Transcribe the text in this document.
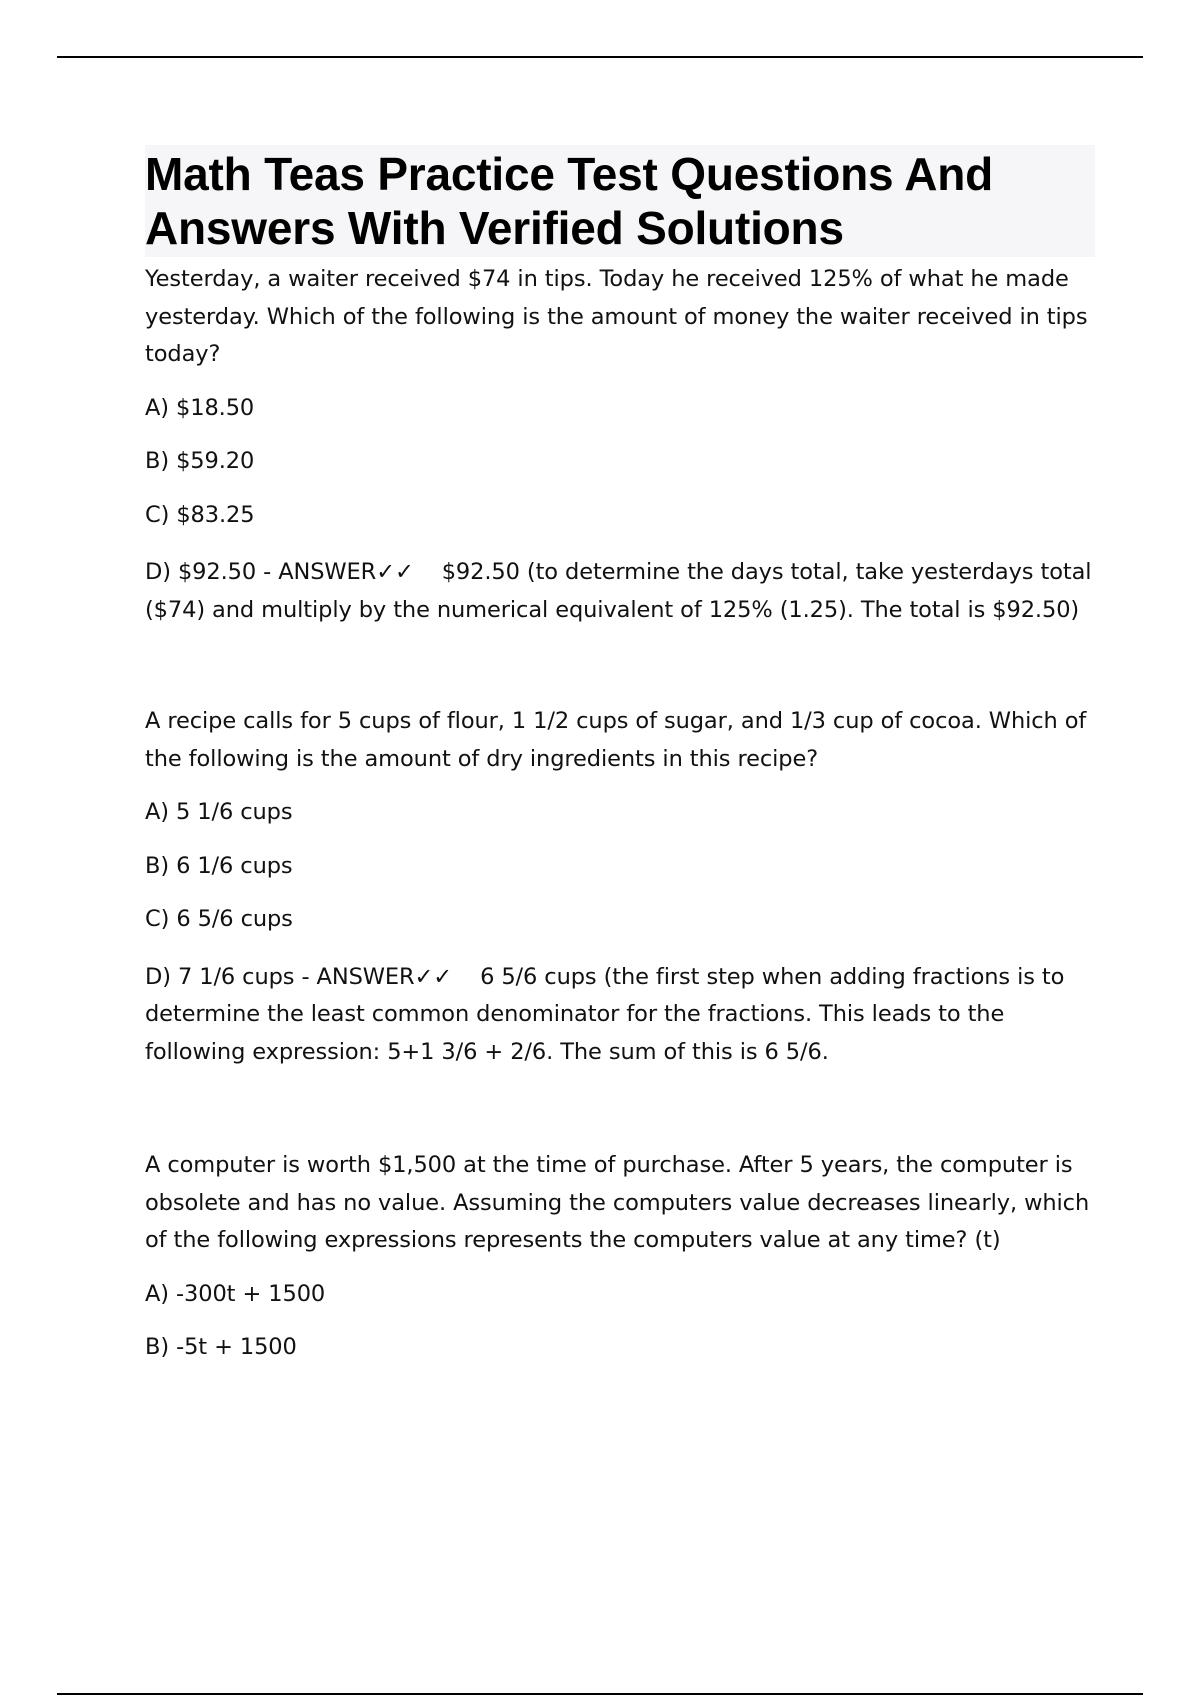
Math Teas Practice Test Questions And Answers With Verified Solutions

Yesterday, a waiter received $74 in tips. Today he received 125% of what he made yesterday. Which of the following is the amount of money the waiter received in tips today?

A) $18.50

B) $59.20

C) $83.25

D) $92.50 - ANSWER✓✓ $92.50 (to determine the days total, take yesterdays total ($74) and multiply by the numerical equivalent of 125% (1.25). The total is $92.50)

A recipe calls for 5 cups of flour, 1 1/2 cups of sugar, and 1/3 cup of cocoa. Which of the following is the amount of dry ingredients in this recipe?

A) 5 1/6 cups

B) 6 1/6 cups

C) 6 5/6 cups

D) 7 1/6 cups - ANSWER✓✓ 6 5/6 cups (the first step when adding fractions is to determine the least common denominator for the fractions. This leads to the following expression: 5+1 3/6 + 2/6. The sum of this is 6 5/6.

A computer is worth $1,500 at the time of purchase. After 5 years, the computer is obsolete and has no value. Assuming the computers value decreases linearly, which of the following expressions represents the computers value at any time? (t)

A) -300t + 1500

B) -5t + 1500
